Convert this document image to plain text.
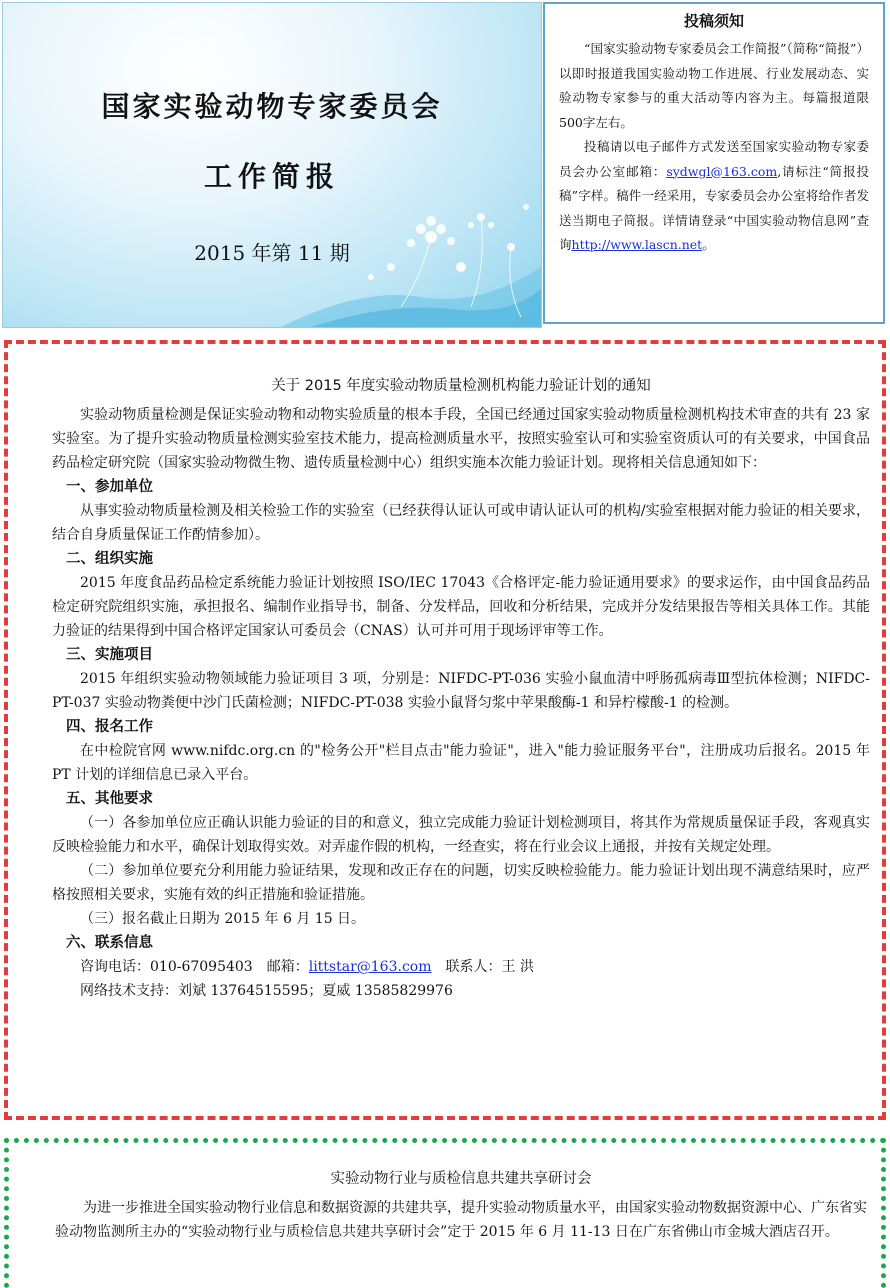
国家实验动物专家委员会
工作简报
2015 年第 11 期
投稿须知

“国家实验动物专家委员会工作简报”（简称“简报”）以即时报道我国实验动物工作进展、行业发展动态、实验动物专家参与的重大活动等内容为主。每篇报道限500字左右。

投稿请以电子邮件方式发送至国家实验动物专家委员会办公室邮箱：sydwgl@163.com,请标注“简报投稿”字样。稿件一经采用，专家委员会办公室将给作者发送当期电子简报。详情请登录“中国实验动物信息网”查询http://www.lascn.net。

关于 2015 年度实验动物质量检测机构能力验证计划的通知

实验动物质量检测是保证实验动物和动物实验质量的根本手段，全国已经通过国家实验动物质量检测机构技术审查的共有 23 家实验室。为了提升实验动物质量检测实验室技术能力，提高检测质量水平，按照实验室认可和实验室资质认可的有关要求，中国食品药品检定研究院（国家实验动物微生物、遗传质量检测中心）组织实施本次能力验证计划。现将相关信息通知如下：

一、参加单位

从事实验动物质量检测及相关检验工作的实验室（已经获得认证认可或申请认证认可的机构/实验室根据对能力验证的相关要求，结合自身质量保证工作酌情参加）。

二、组织实施

2015 年度食品药品检定系统能力验证计划按照 ISO/IEC 17043《合格评定-能力验证通用要求》的要求运作，由中国食品药品检定研究院组织实施，承担报名、编制作业指导书，制备、分发样品，回收和分析结果，完成并分发结果报告等相关具体工作。其能力验证的结果得到中国合格评定国家认可委员会（CNAS）认可并可用于现场评审等工作。

三、实施项目

2015 年组织实验动物领域能力验证项目 3 项，分别是：NIFDC-PT-036 实验小鼠血清中呼肠孤病毒Ⅲ型抗体检测；NIFDC-PT-037 实验动物粪便中沙门氏菌检测；NIFDC-PT-038 实验小鼠肾匀浆中苹果酸酶-1 和异柠檬酸-1 的检测。

四、报名工作

在中检院官网 www.nifdc.org.cn 的"检务公开"栏目点击"能力验证"，进入"能力验证服务平台"，注册成功后报名。2015 年 PT 计划的详细信息已录入平台。

五、其他要求

（一）各参加单位应正确认识能力验证的目的和意义，独立完成能力验证计划检测项目，将其作为常规质量保证手段，客观真实反映检验能力和水平，确保计划取得实效。对弄虚作假的机构，一经查实，将在行业会议上通报，并按有关规定处理。

（二）参加单位要充分利用能力验证结果，发现和改正存在的问题，切实反映检验能力。能力验证计划出现不满意结果时，应严格按照相关要求，实施有效的纠正措施和验证措施。

（三）报名截止日期为 2015 年 6 月 15 日。

六、联系信息

咨询电话：010-67095403　邮箱：littstar@163.com　联系人：王 洪

网络技术支持：刘斌 13764515595；夏威 13585829976

实验动物行业与质检信息共建共享研讨会

为进一步推进全国实验动物行业信息和数据资源的共建共享，提升实验动物质量水平，由国家实验动物数据资源中心、广东省实验动物监测所主办的“实验动物行业与质检信息共建共享研讨会”定于 2015 年 6 月 11-13 日在广东省佛山市金城大酒店召开。
